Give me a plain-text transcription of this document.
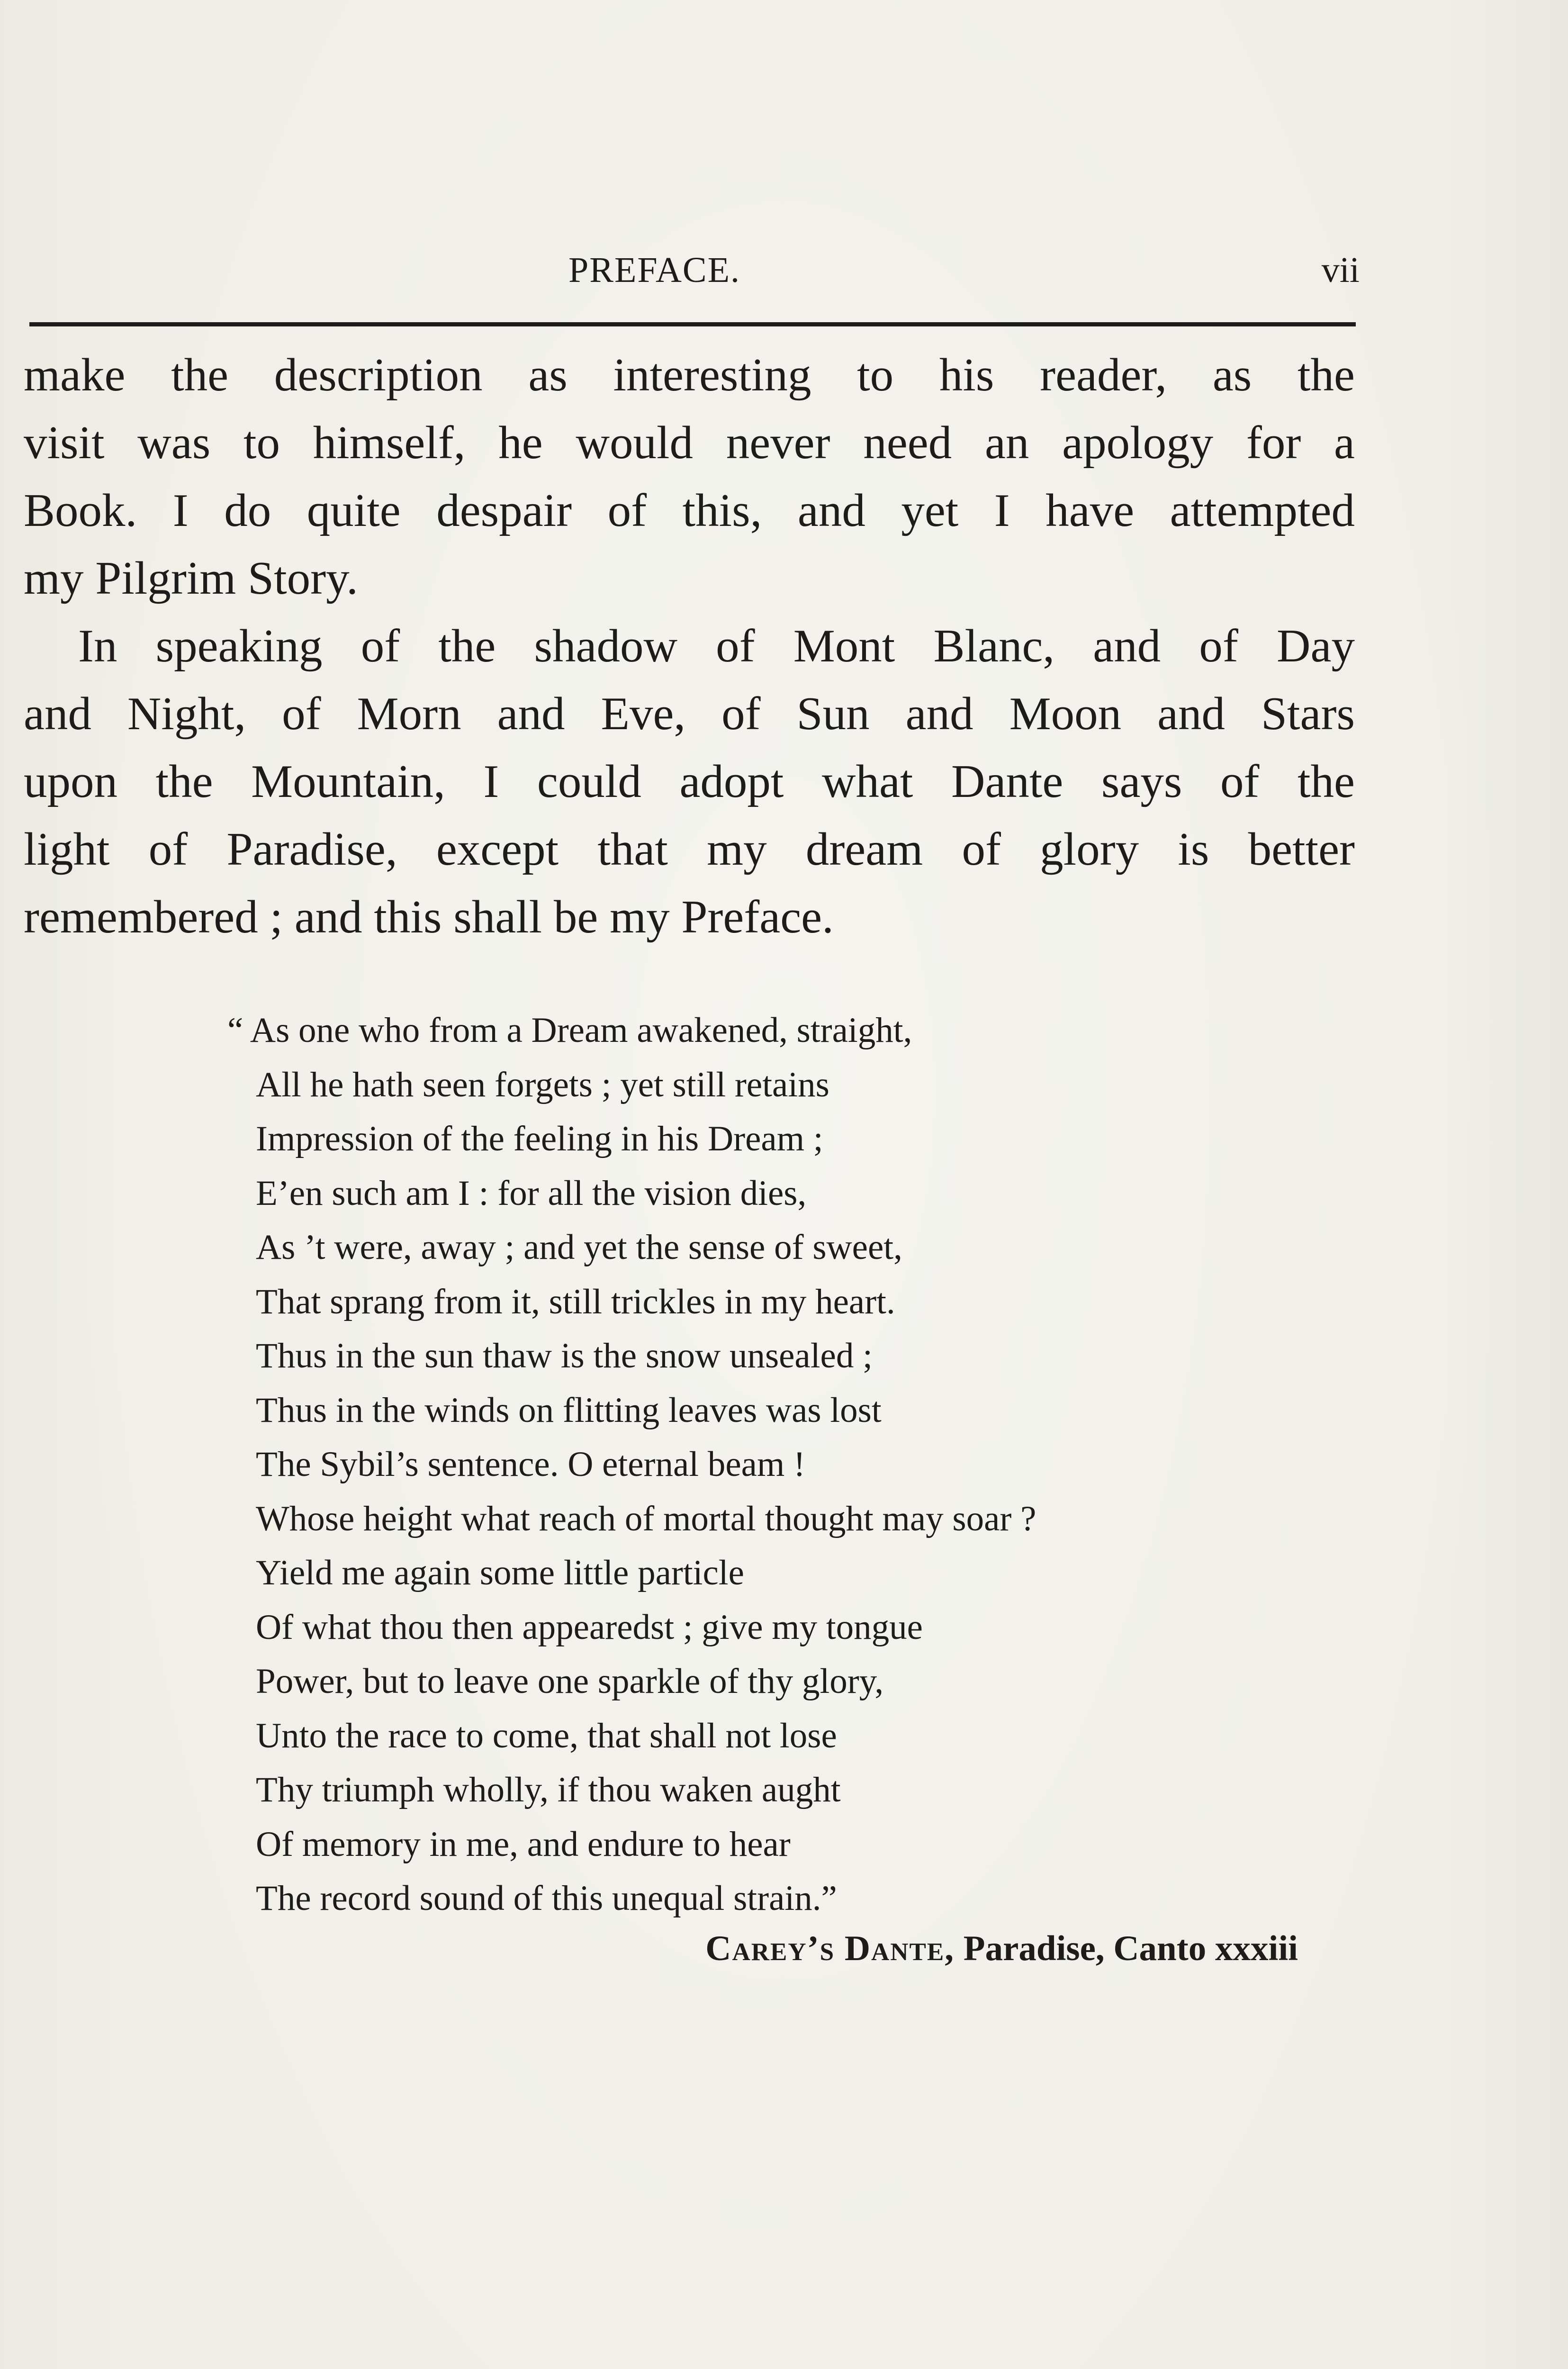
PREFACE.	vii
make the description as interesting to his reader, as the
visit was to himself, he would never need an apology for a
Book. I do quite despair of this, and yet I have attempted
my Pilgrim Story.
In speaking of the shadow of Mont Blanc, and of Day
and Night, of Morn and Eve, of Sun and Moon and Stars
upon the Mountain, I could adopt what Dante says of the
light of Paradise, except that my dream of glory is better
remembered ; and this shall be my Preface.
“ As one who from a Dream awakened, straight,
All he hath seen forgets ; yet still retains
Impression of the feeling in his Dream ;
E’en such am I : for all the vision dies,
As ’t were, away ; and yet the sense of sweet,
That sprang from it, still trickles in my heart.
Thus in the sun thaw is the snow unsealed ;
Thus in the winds on flitting leaves was lost
The Sybil’s sentence. O eternal beam !
Whose height what reach of mortal thought may soar ?
Yield me again some little particle
Of what thou then appearedst ; give my tongue
Power, but to leave one sparkle of thy glory,
Unto the race to come, that shall not lose
Thy triumph wholly, if thou waken aught
Of memory in me, and endure to hear
The record sound of this unequal strain.”
Carey’s Dante, Paradise, Canto xxxiii
